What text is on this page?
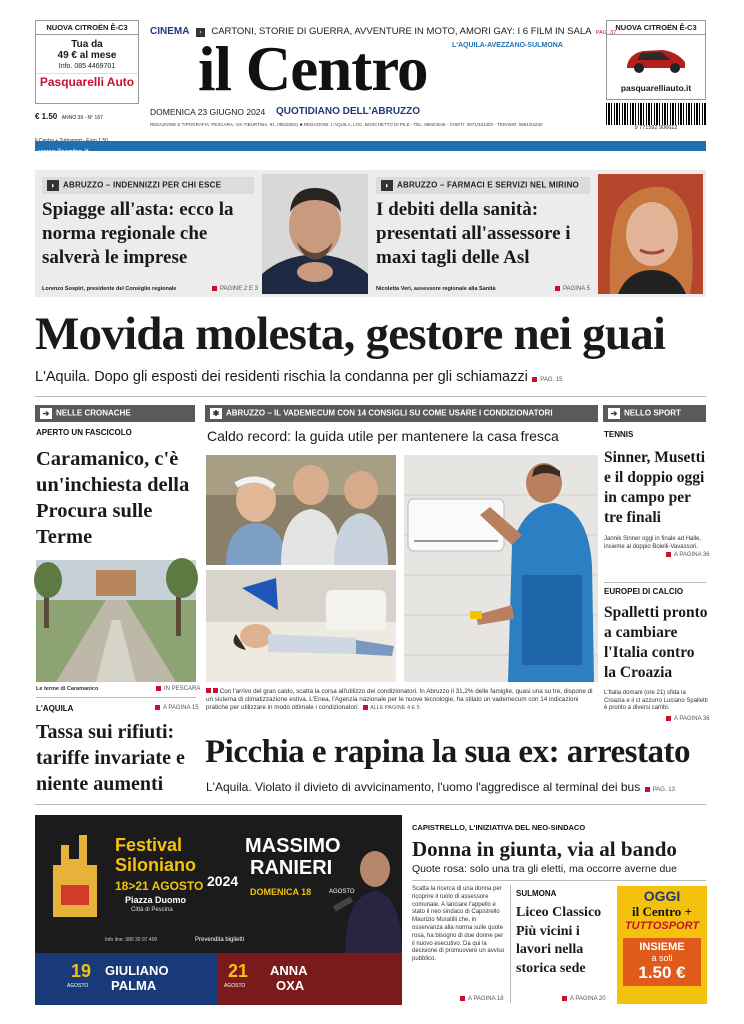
NUOVA CITROËN Ê-C3
Tua da
49 € al mese
Info. 085 4469701
Pasquarelli Auto
€ 1.50 ANNO 39 - N° 167
CINEMA › CARTONI, STORIE DI GUERRA, AVVENTURE IN MOTO, AMORI GAY: I 6 FILM IN SALA PAG. 37
il Centro	L'AQUILA-AVEZZANO-SULMONA
DOMENICA 23 GIUGNO 2024 QUOTIDIANO DELL'ABRUZZO
REDAZIONE E TIPOGRAFIA: PESCARA, VIA TIBURTINA, 91, 085/20521 ■ REDAZIONI: L'AQUILA, LOC. BOSCHETTO DI PILE - TEL. 0862/4046 - CHIETI: 0871/331303 - TERAMO: 0861/24230
NUOVA CITROËN Ê-C3
pasquarelliauto.it
9 771592 906612
www.ilcentro.it
◗ ABRUZZO – INDENNIZZI PER CHI ESCE
Spiagge all'asta: ecco la norma regionale che salverà le imprese
Lorenzo Sospiri, presidente del Consiglio regionale	PAGINE 2 E 3
◗ ABRUZZO – FARMACI E SERVIZI NEL MIRINO
I debiti della sanità: presentati all'assessore i maxi tagli delle Asl
Nicoletta Verì, assessore regionale alla Sanità	PAGINA 5
Movida molesta, gestore nei guai
L'Aquila. Dopo gli esposti dei residenti rischia la condanna per gli schiamazzi PAG. 15
➔ NELLE CRONACHE
APERTO UN FASCICOLO
Caramanico, c'è un'inchiesta della Procura sulle Terme
Le terme di Caramanico	IN PESCARA
L'AQUILA	A PAGINA 15
Tassa sui rifiuti: tariffe invariate e niente aumenti
✱ ABRUZZO – IL VADEMECUM CON 14 CONSIGLI SU COME USARE I CONDIZIONATORI
Caldo record: la guida utile per mantenere la casa fresca
Con l'arrivo del gran caldo, scatta la corsa all'utilizzo dei condizionatori. In Abruzzo il 31,2% delle famiglie, quasi una su tre, dispone di un sistema di climatizzazione estiva. L'Enea, l'Agenzia nazionale per le nuove tecnologie, ha stilato un vademecum con 14 indicazioni pratiche per utilizzare in modo ottimale i condizionatori. ALLE PAGINE 4 E 5
➔ NELLO SPORT
TENNIS
Sinner, Musetti e il doppio oggi in campo per tre finali
Jannik Sinner oggi in finale ad Halle, insieme al doppio Bolelli-Vavassori.
A PAGINA 36
EUROPEI DI CALCIO
Spalletti pronto a cambiare l'Italia contro la Croazia
L'Italia domani (ore 21) sfida la Croazia e il ct azzurro Luciano Spalletti è pronto a diversi cambi.
A PAGINA 36
Picchia e rapina la sua ex: arrestato
L'Aquila. Violato il divieto di avvicinamento, l'uomo l'aggredisce al terminal dei bus PAG. 13
Festival Siloniano
18>21 AGOSTO 2024
Piazza Duomo
Città di Pescina
MASSIMO
RANIERI
DOMENICA 18	AGOSTO
Info line: 380 30 97 400	Prevendita biglietti
19
AGOSTO
GIULIANO
PALMA
21
AGOSTO
ANNA
OXA
CAPISTRELLO, L'INIZIATIVA DEL NEO-SINDACO
Donna in giunta, via al bando
Quote rosa: solo una tra gli eletti, ma occorre averne due
Scatta la ricerca di una donna per ricoprire il ruolo di assessore comunale. A lanciare l'appello è stato il neo sindaco di Capistrello Maurizio Muratilli che, in osservanza alla norma sulle quote rosa, ha bisogno di due donne per il nuovo esecutivo. Da qui la decisione di promuovere un avviso pubblico.
A PAGINA 18
SULMONA
Liceo Classico Più vicini i lavori nella storica sede
A PAGINA 20
OGGI
il Centro +
TUTTOSPORT
INSIEME
a soli
1.50 €
